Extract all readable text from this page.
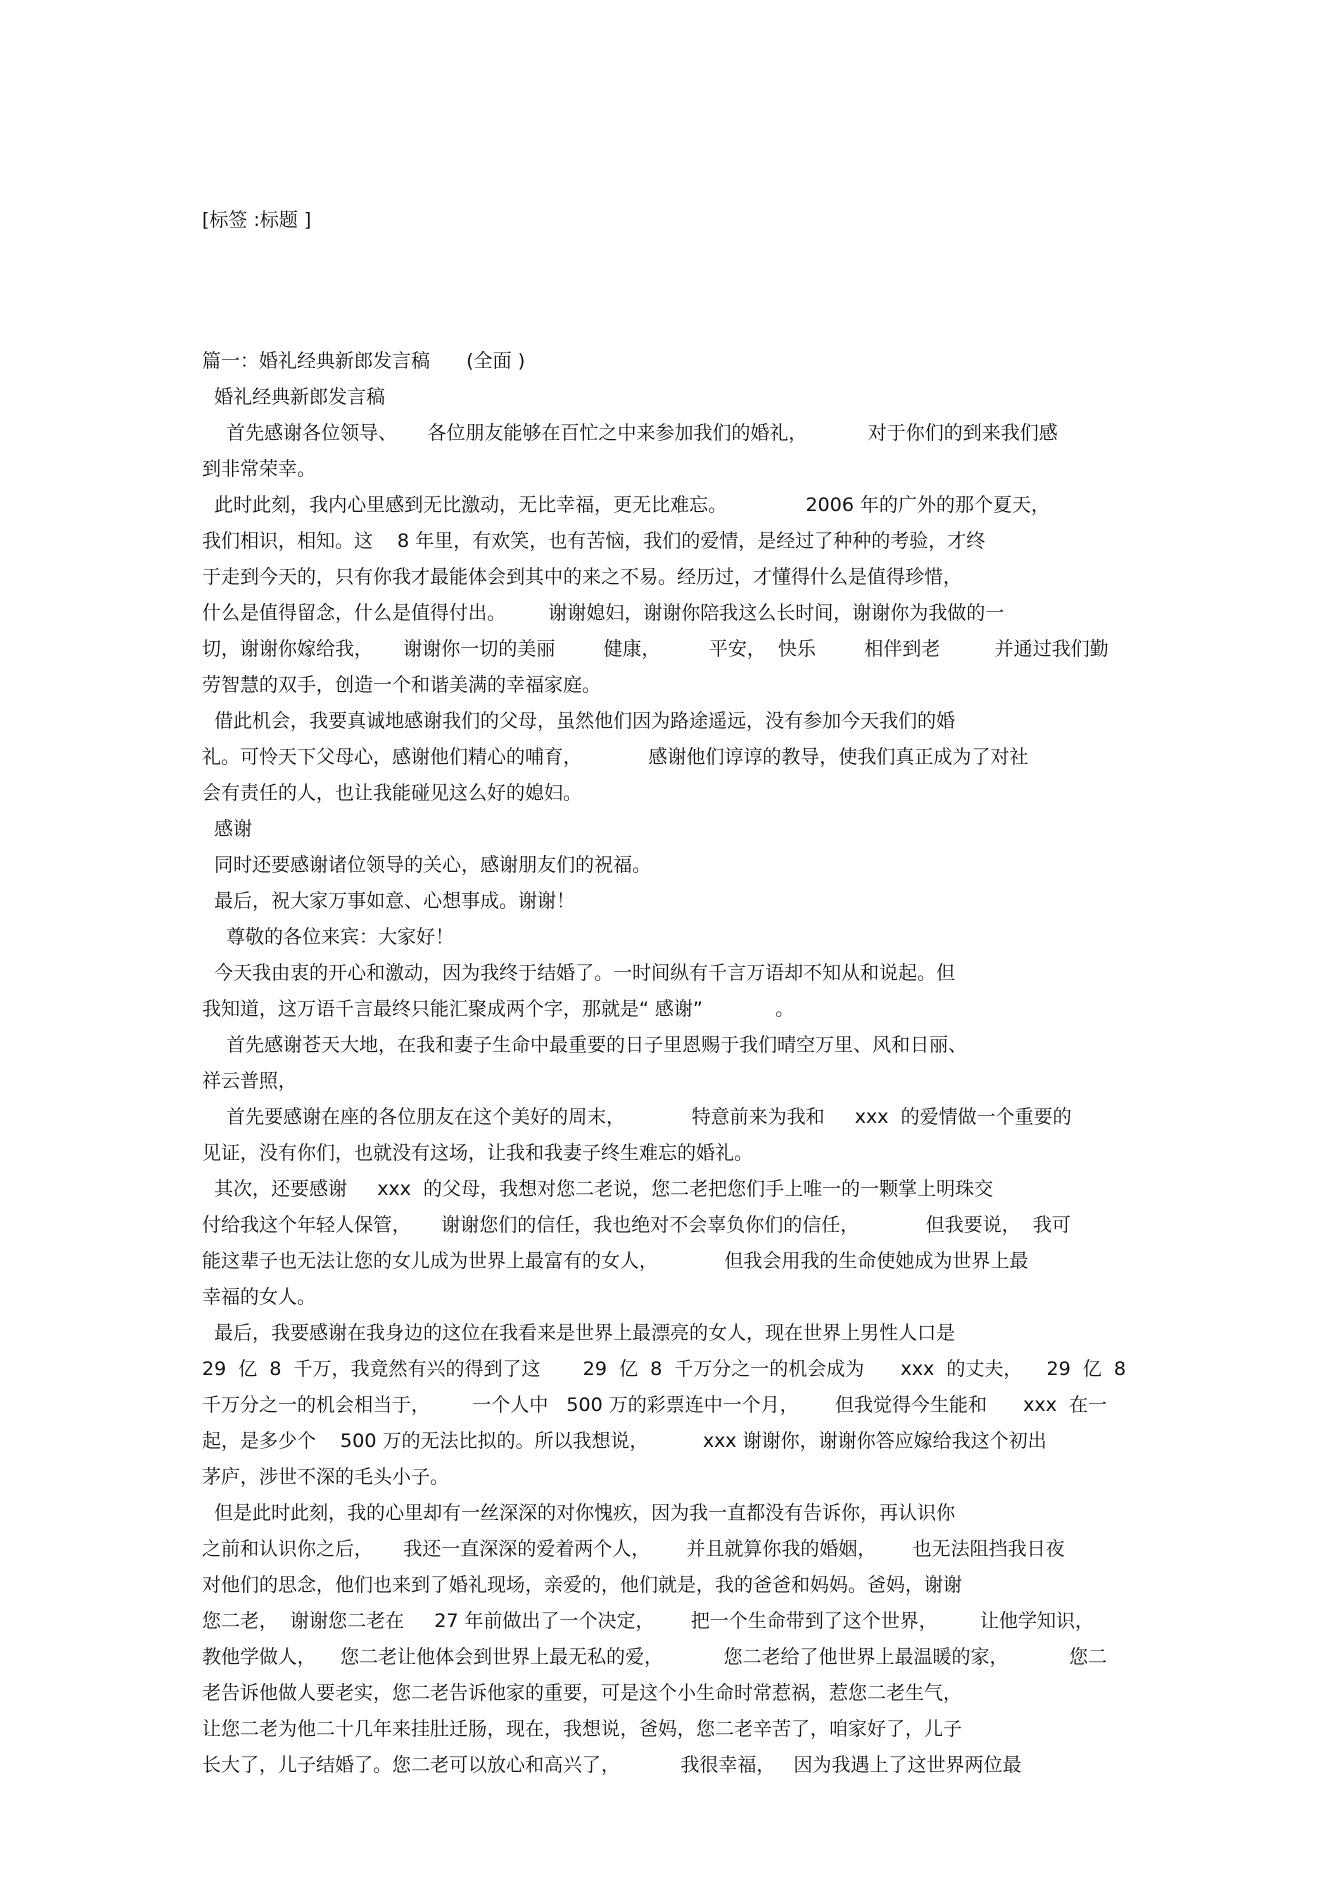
[标签 :标题 ]
篇一：婚礼经典新郎发言稿      (全面 )
婚礼经典新郎发言稿
首先感谢各位领导、     各位朋友能够在百忙之中来参加我们的婚礼，          对于你们的到来我们感
到非常荣幸。
此时此刻，我内心里感到无比激动，无比幸福，更无比难忘。             2006 年的广外的那个夏天，
我们相识，相知。这    8 年里，有欢笑，也有苦恼，我们的爱情，是经过了种种的考验，才终
于走到今天的，只有你我才最能体会到其中的来之不易。经历过，才懂得什么是值得珍惜，
什么是值得留念，什么是值得付出。       谢谢媳妇，谢谢你陪我这么长时间，谢谢你为我做的一
切，谢谢你嫁给我，     谢谢你一切的美丽        健康，        平安，  快乐        相伴到老         并通过我们勤
劳智慧的双手，创造一个和谐美满的幸福家庭。
借此机会，我要真诚地感谢我们的父母，虽然他们因为路途遥远，没有参加今天我们的婚
礼。可怜天下父母心，感谢他们精心的哺育，           感谢他们谆谆的教导，使我们真正成为了对社
会有责任的人，也让我能碰见这么好的媳妇。
感谢
同时还要感谢诸位领导的关心，感谢朋友们的祝福。
最后，祝大家万事如意、心想事成。谢谢！
尊敬的各位来宾：大家好！
今天我由衷的开心和激动，因为我终于结婚了。一时间纵有千言万语却不知从和说起。但
我知道，这万语千言最终只能汇聚成两个字，那就是“ 感谢”            。
首先感谢苍天大地，在我和妻子生命中最重要的日子里恩赐于我们晴空万里、风和日丽、
祥云普照，
首先要感谢在座的各位朋友在这个美好的周末，           特意前来为我和     xxx  的爱情做一个重要的
见证，没有你们，也就没有这场，让我和我妻子终生难忘的婚礼。
其次，还要感谢     xxx  的父母，我想对您二老说，您二老把您们手上唯一的一颗掌上明珠交
付给我这个年轻人保管，     谢谢您们的信任，我也绝对不会辜负你们的信任，           但我要说，  我可
能这辈子也无法让您的女儿成为世界上最富有的女人，           但我会用我的生命使她成为世界上最
幸福的女人。
最后，我要感谢在我身边的这位在我看来是世界上最漂亮的女人，现在世界上男性人口是
29  亿  8  千万，我竟然有兴的得到了这       29  亿  8  千万分之一的机会成为      xxx  的丈夫，    29  亿  8
千万分之一的机会相当于，       一个人中   500 万的彩票连中一个月，      但我觉得今生能和      xxx  在一
起，是多少个    500 万的无法比拟的。所以我想说，         xxx 谢谢你，谢谢你答应嫁给我这个初出
茅庐，涉世不深的毛头小子。
但是此时此刻，我的心里却有一丝深深的对你愧疚，因为我一直都没有告诉你，再认识你
之前和认识你之后，     我还一直深深的爱着两个人，      并且就算你我的婚姻，      也无法阻挡我日夜
对他们的思念，他们也来到了婚礼现场，亲爱的，他们就是，我的爸爸和妈妈。爸妈，谢谢
您二老，  谢谢您二老在     27 年前做出了一个决定，      把一个生命带到了这个世界，       让他学知识，
教他学做人，    您二老让他体会到世界上最无私的爱，          您二老给了他世界上最温暖的家，          您二
老告诉他做人要老实，您二老告诉他家的重要，可是这个小生命时常惹祸，惹您二老生气，
让您二老为他二十几年来挂肚迁肠，现在，我想说，爸妈，您二老辛苦了，咱家好了，儿子
长大了，儿子结婚了。您二老可以放心和高兴了，          我很幸福，   因为我遇上了这世界两位最
